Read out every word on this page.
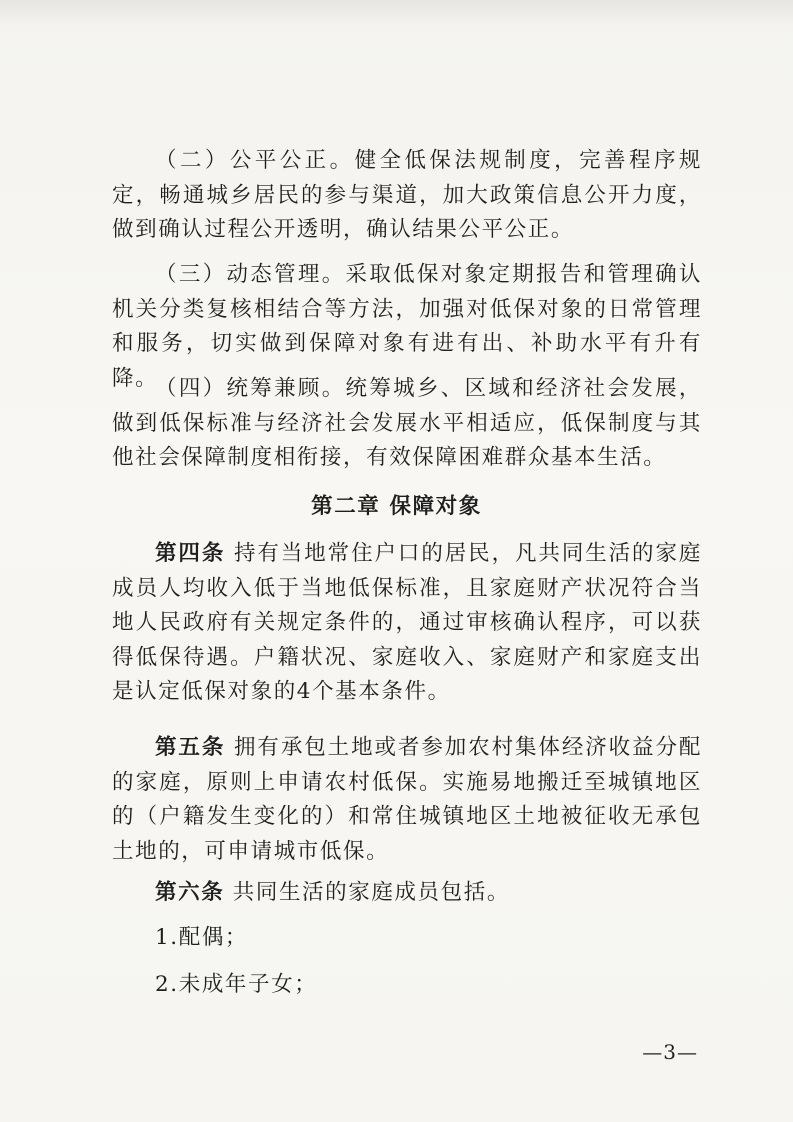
（二）公平公正。健全低保法规制度，完善程序规定，畅通城乡居民的参与渠道，加大政策信息公开力度，做到确认过程公开透明，确认结果公平公正。

（三）动态管理。采取低保对象定期报告和管理确认机关分类复核相结合等方法，加强对低保对象的日常管理和服务，切实做到保障对象有进有出、补助水平有升有降。

（四）统筹兼顾。统筹城乡、区域和经济社会发展，做到低保标准与经济社会发展水平相适应，低保制度与其他社会保障制度相衔接，有效保障困难群众基本生活。

第二章 保障对象

第四条 持有当地常住户口的居民，凡共同生活的家庭成员人均收入低于当地低保标准，且家庭财产状况符合当地人民政府有关规定条件的，通过审核确认程序，可以获得低保待遇。户籍状况、家庭收入、家庭财产和家庭支出是认定低保对象的4个基本条件。

第五条 拥有承包土地或者参加农村集体经济收益分配的家庭，原则上申请农村低保。实施易地搬迁至城镇地区的（户籍发生变化的）和常住城镇地区土地被征收无承包土地的，可申请城市低保。

第六条 共同生活的家庭成员包括。

1.配偶；

2.未成年子女；

—3—
